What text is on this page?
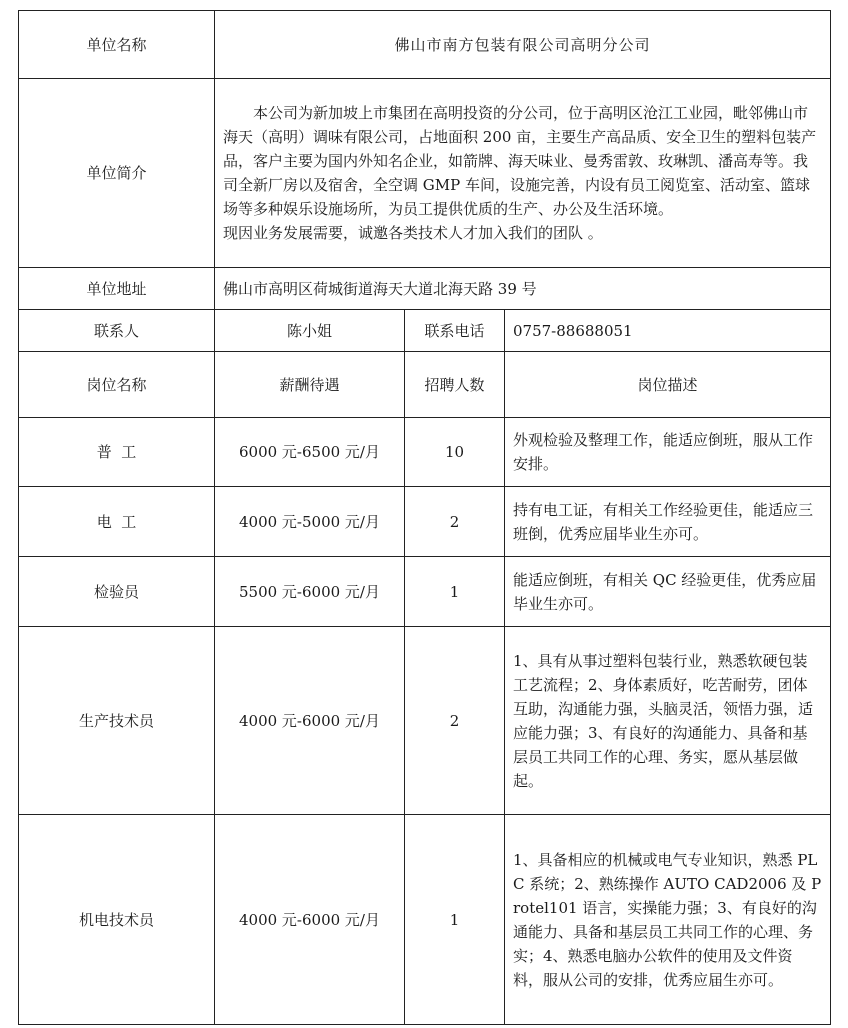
单位名称	佛山市南方包装有限公司高明分公司		
单位简介	本公司为新加坡上市集团在高明投资的分公司，位于高明区沧江工业园，毗邻佛山市海天（高明）调味有限公司，占地面积 200 亩，主要生产高品质、安全卫生的塑料包装产品，客户主要为国内外知名企业，如箭牌、海天味业、曼秀雷敦、玫琳凯、潘高寿等。我司全新厂房以及宿舍，全空调 GMP 车间，设施完善，内设有员工阅览室、活动室、篮球场等多种娱乐设施场所，为员工提供优质的生产、办公及生活环境。

现因业务发展需要，诚邀各类技术人才加入我们的团队 。		

单位地址	佛山市高明区荷城街道海天大道北海天路 39 号		
联系人	陈小姐	联系电话	0757-88688051
岗位名称	薪酬待遇	招聘人数	岗位描述
普  工	6000 元-6500 元/月	10	外观检验及整理工作，能适应倒班，服从工作安排。
电  工	4000 元-5000 元/月	2	持有电工证，有相关工作经验更佳，能适应三班倒，优秀应届毕业生亦可。
检验员	5500 元-6000 元/月	1	能适应倒班，有相关 QC 经验更佳，优秀应届毕业生亦可。
生产技术员	4000 元-6000 元/月	2	1、具有从事过塑料包装行业，熟悉软硬包装工艺流程；2、身体素质好，吃苦耐劳，团体互助，沟通能力强，头脑灵活，领悟力强，适应能力强；3、有良好的沟通能力、具备和基层员工共同工作的心理、务实，愿从基层做起。
机电技术员	4000 元-6000 元/月	1	1、具备相应的机械或电气专业知识，熟悉 PLC 系统；2、熟练操作 AUTO CAD2006 及 Protel101 语言，实操能力强；3、有良好的沟通能力、具备和基层员工共同工作的心理、务实；4、熟悉电脑办公软件的使用及文件资料，服从公司的安排，优秀应届生亦可。
